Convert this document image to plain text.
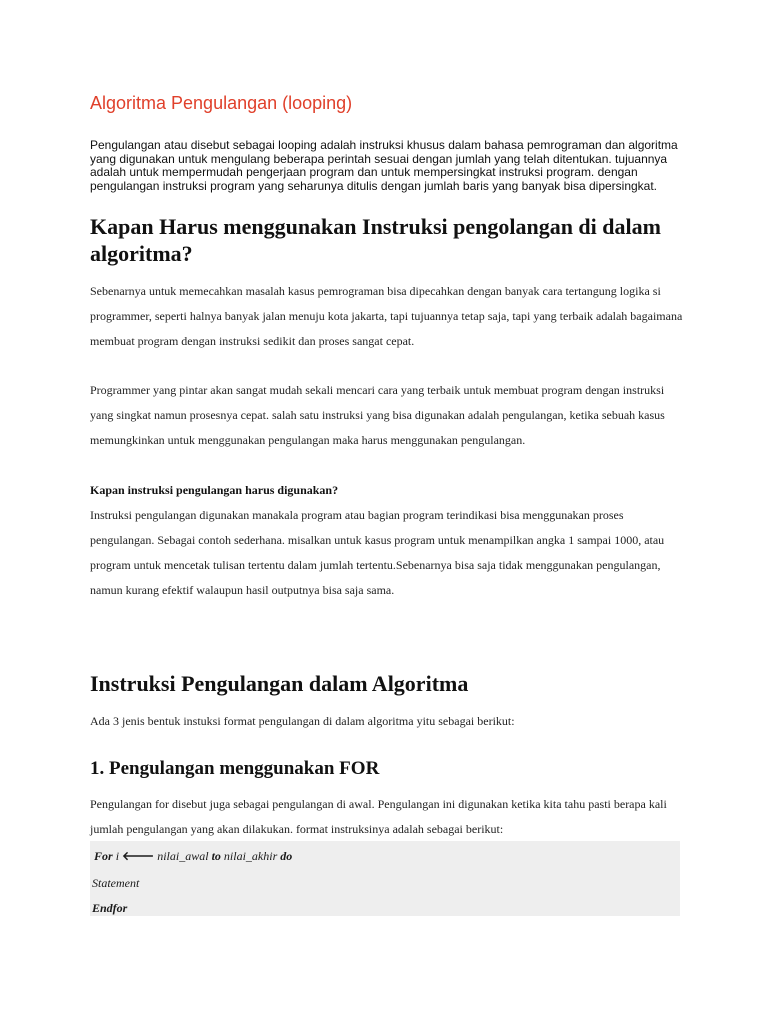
Algoritma Pengulangan (looping)

Pengulangan atau disebut sebagai looping adalah instruksi khusus dalam bahasa pemrograman dan algoritma yang digunakan untuk mengulang beberapa perintah sesuai dengan jumlah yang telah ditentukan. tujuannya adalah untuk mempermudah pengerjaan program dan untuk mempersingkat instruksi program. dengan pengulangan instruksi program yang seharunya ditulis dengan jumlah baris yang banyak bisa dipersingkat.

Kapan Harus menggunakan Instruksi pengolangan di dalam algoritma?

Sebenarnya untuk memecahkan masalah kasus pemrograman bisa dipecahkan dengan banyak cara tertangung logika si programmer, seperti halnya banyak jalan menuju kota jakarta, tapi tujuannya tetap saja, tapi yang terbaik adalah bagaimana membuat program dengan instruksi sedikit dan proses sangat cepat.

Programmer yang pintar akan sangat mudah sekali mencari cara yang terbaik untuk membuat program dengan instruksi yang singkat namun prosesnya cepat. salah satu instruksi yang bisa digunakan adalah pengulangan, ketika sebuah kasus memungkinkan untuk menggunakan pengulangan maka harus menggunakan pengulangan.

Kapan instruksi pengulangan harus digunakan?

Instruksi pengulangan digunakan manakala program atau bagian program terindikasi bisa menggunakan proses pengulangan. Sebagai contoh sederhana. misalkan untuk kasus program untuk menampilkan angka 1 sampai 1000, atau program untuk mencetak tulisan tertentu dalam jumlah tertentu.Sebenarnya bisa saja tidak menggunakan pengulangan, namun kurang efektif walaupun hasil outputnya bisa saja sama.

Instruksi Pengulangan dalam Algoritma

Ada 3 jenis bentuk instuksi format pengulangan di dalam algoritma yitu sebagai berikut:

1. Pengulangan menggunakan FOR

Pengulangan for disebut juga sebagai pengulangan di awal. Pengulangan ini digunakan ketika kita tahu pasti berapa kali jumlah pengulangan yang akan dilakukan. format instruksinya adalah sebagai berikut:

For i 🡐 nilai_awal to nilai_akhir do
Statement
Endfor
